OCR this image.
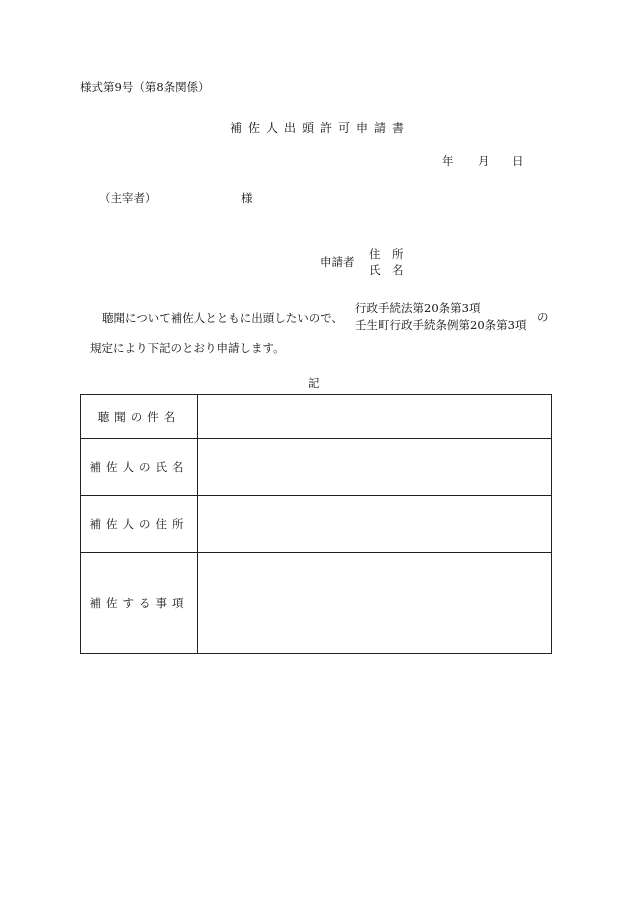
様式第9号（第8条関係）
補佐人出頭許可申請書
年 月 日
（主宰者）	様
申請者
住　所
氏　名
聴聞について補佐人とともに出頭したいので、
行政手続法第20条第3項
壬生町行政手続条例第20条第3項
の
規定により下記のとおり申請します。
記
聴聞の件名	
補佐人の氏名	
補佐人の住所	
補佐する事項	
